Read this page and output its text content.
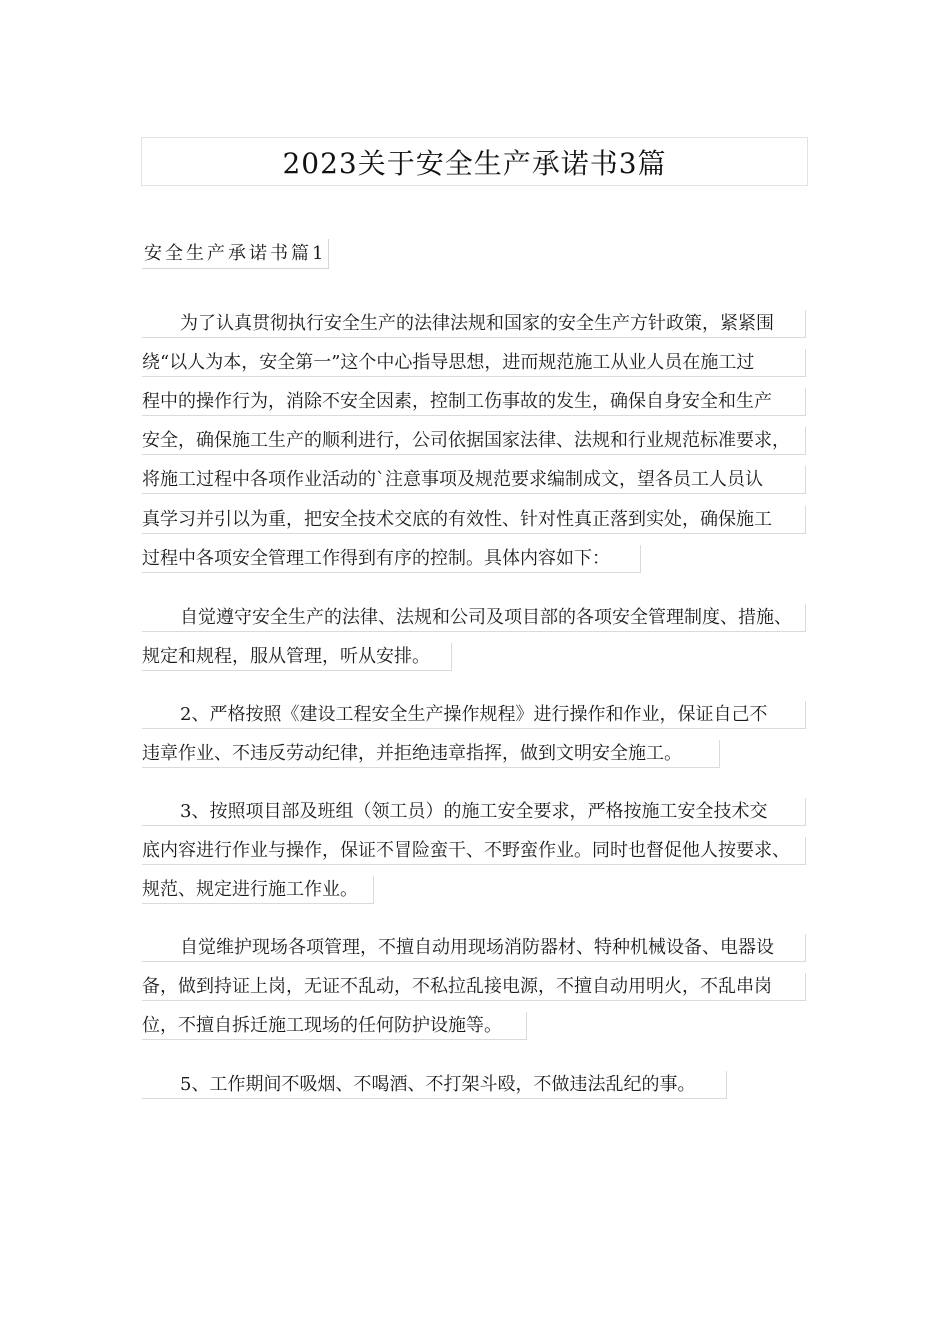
2023关于安全生产承诺书3篇
安全生产承诺书篇1
为了认真贯彻执行安全生产的法律法规和国家的安全生产方针政策，紧紧围
绕“以人为本，安全第一”这个中心指导思想，进而规范施工从业人员在施工过
程中的操作行为，消除不安全因素，控制工伤事故的发生，确保自身安全和生产
安全，确保施工生产的顺利进行，公司依据国家法律、法规和行业规范标准要求，
将施工过程中各项作业活动的`注意事项及规范要求编制成文，望各员工人员认
真学习并引以为重，把安全技术交底的有效性、针对性真正落到实处，确保施工
过程中各项安全管理工作得到有序的控制。具体内容如下：
自觉遵守安全生产的法律、法规和公司及项目部的各项安全管理制度、措施、
规定和规程，服从管理，听从安排。
2、严格按照《建设工程安全生产操作规程》进行操作和作业，保证自己不
违章作业、不违反劳动纪律，并拒绝违章指挥，做到文明安全施工。
3、按照项目部及班组（领工员）的施工安全要求，严格按施工安全技术交
底内容进行作业与操作，保证不冒险蛮干、不野蛮作业。同时也督促他人按要求、
规范、规定进行施工作业。
自觉维护现场各项管理，不擅自动用现场消防器材、特种机械设备、电器设
备，做到持证上岗，无证不乱动，不私拉乱接电源，不擅自动用明火，不乱串岗
位，不擅自拆迁施工现场的任何防护设施等。
5、工作期间不吸烟、不喝酒、不打架斗殴，不做违法乱纪的事。
